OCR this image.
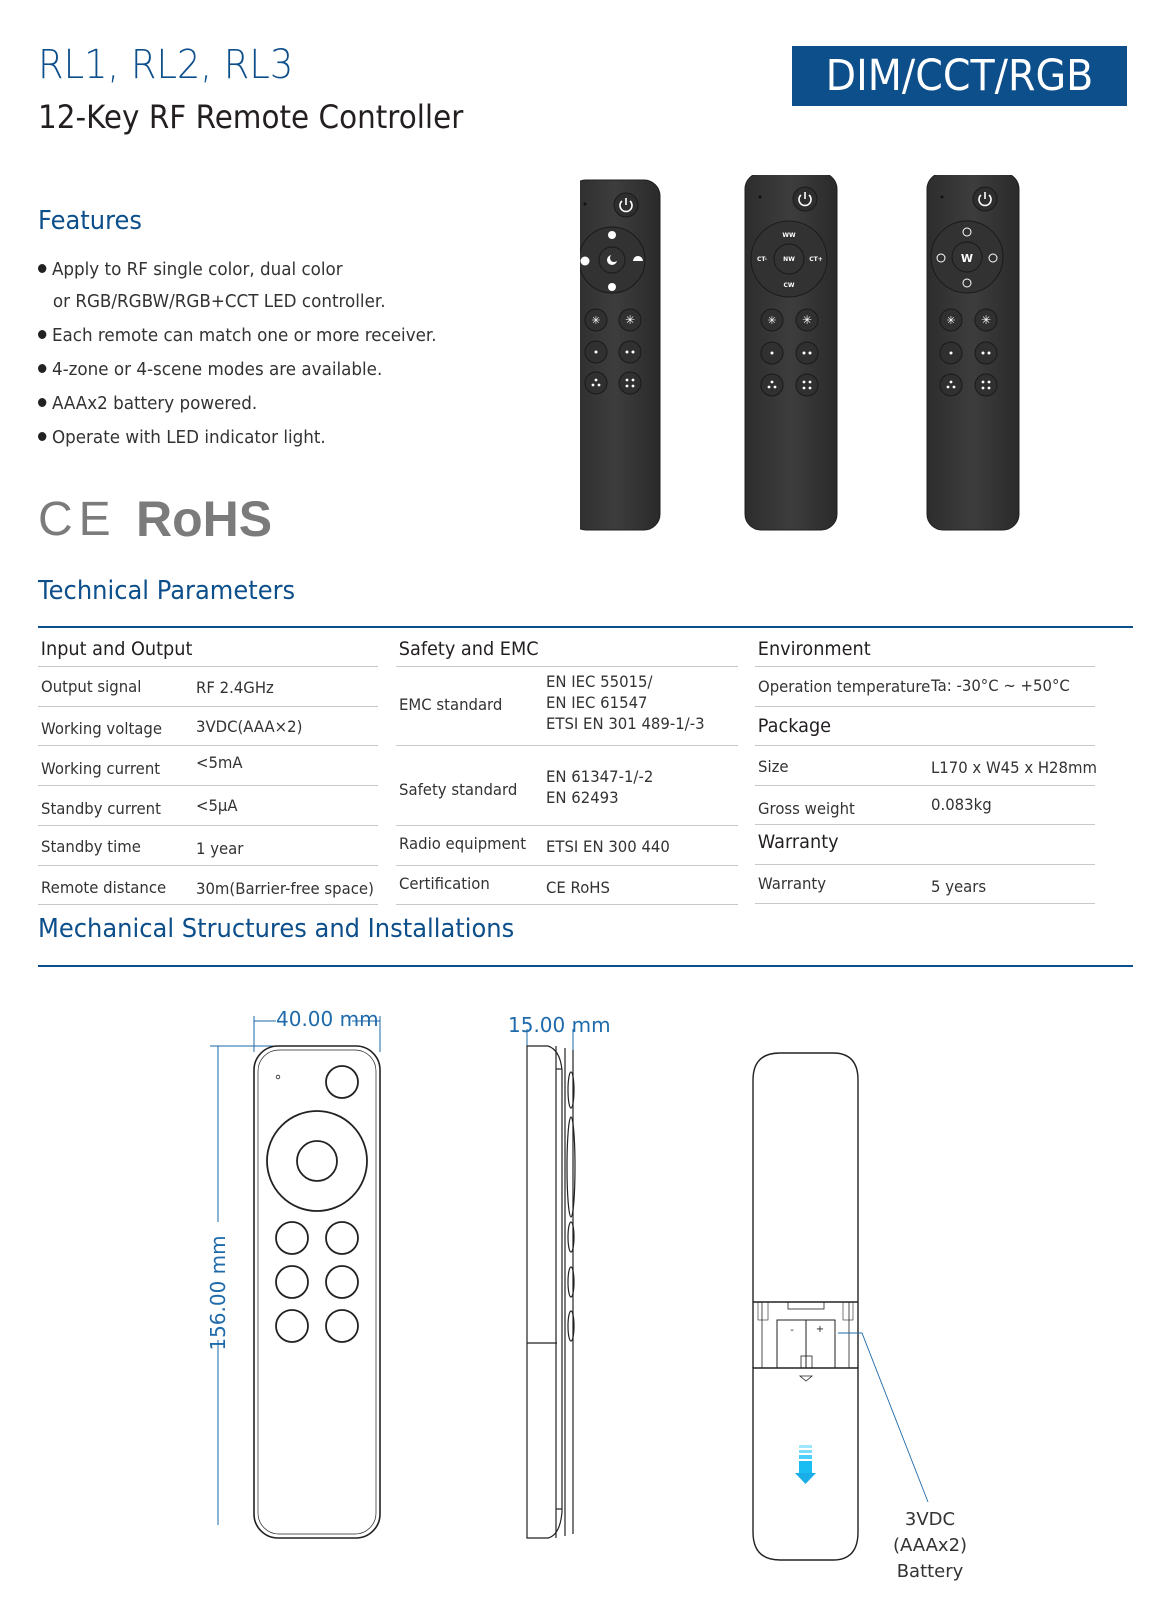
RL1, RL2, RL3
12-Key RF Remote Controller
DIM/CCT/RGB
Features
Apply to RF single color, dual color
or RGB/RGBW/RGB+CCT LED controller.
Each remote can match one or more receiver.
4-zone or 4-scene modes are available.
AAAx2 battery powered.
Operate with LED indicator light.
CE RoHS
✳ ✳
WW
CT-	CT+
CW
NW
✳ ✳
W
✳ ✳
Technical Parameters
Input and Output
Output signal	RF 2.4GHz
Working voltage 3VDC(AAA×2)
Working current <5mA
Standby current <5μA
Standby time	1 year
Remote distance 30m(Barrier-free space)
Safety and EMC
EMC standard
EN IEC 55015/
EN IEC 61547
ETSI EN 301 489-1/-3
Safety standard
EN 61347-1/-2
EN 62493
Radio equipment ETSI EN 300 440
Certification	CE RoHS
Environment
Operation temperature Ta: -30°C ~ +50°C
Package
Size	L170 x W45 x H28mm
Gross weight	0.083kg
Warranty
Warranty	5 years
Mechanical Structures and Installations
- +
40.00 mm
156.00 mm
15.00 mm
3VDC
(AAAx2) Battery
